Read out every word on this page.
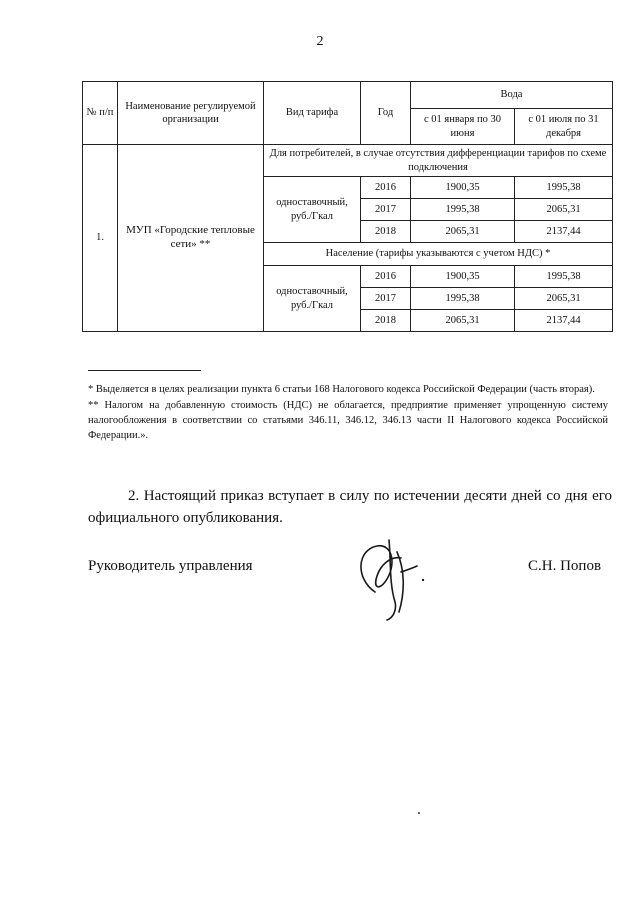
2
№ п/п	Наименование регулируемой организации	Вид тарифа	Год	Вода	
				с 01 января по 30 июня	с 01 июля по 31 декабря
1.	МУП «Городские тепловые сети» **	Для потребителей, в случае отсутствия дифференциации тарифов по схеме подключения			
		одноставочный, руб./Гкал	2016	1900,35	1995,38
			2017	1995,38	2065,31
			2018	2065,31	2137,44
		Население (тарифы указываются с учетом НДС) *			
		одноставочный, руб./Гкал	2016	1900,35	1995,38
			2017	1995,38	2065,31
			2018	2065,31	2137,44

* Выделяется в целях реализации пункта 6 статьи 168 Налогового кодекса Российской Федерации (часть вторая).

** Налогом на добавленную стоимость (НДС) не облагается, предприятие применяет упрощенную систему налогообложения в соответствии со статьями 346.11, 346.12, 346.13 части II Налогового кодекса Российской Федерации.».

2. Настоящий приказ вступает в силу по истечении десяти дней со дня его официального опубликования.
Руководитель управления	С.Н. Попов
